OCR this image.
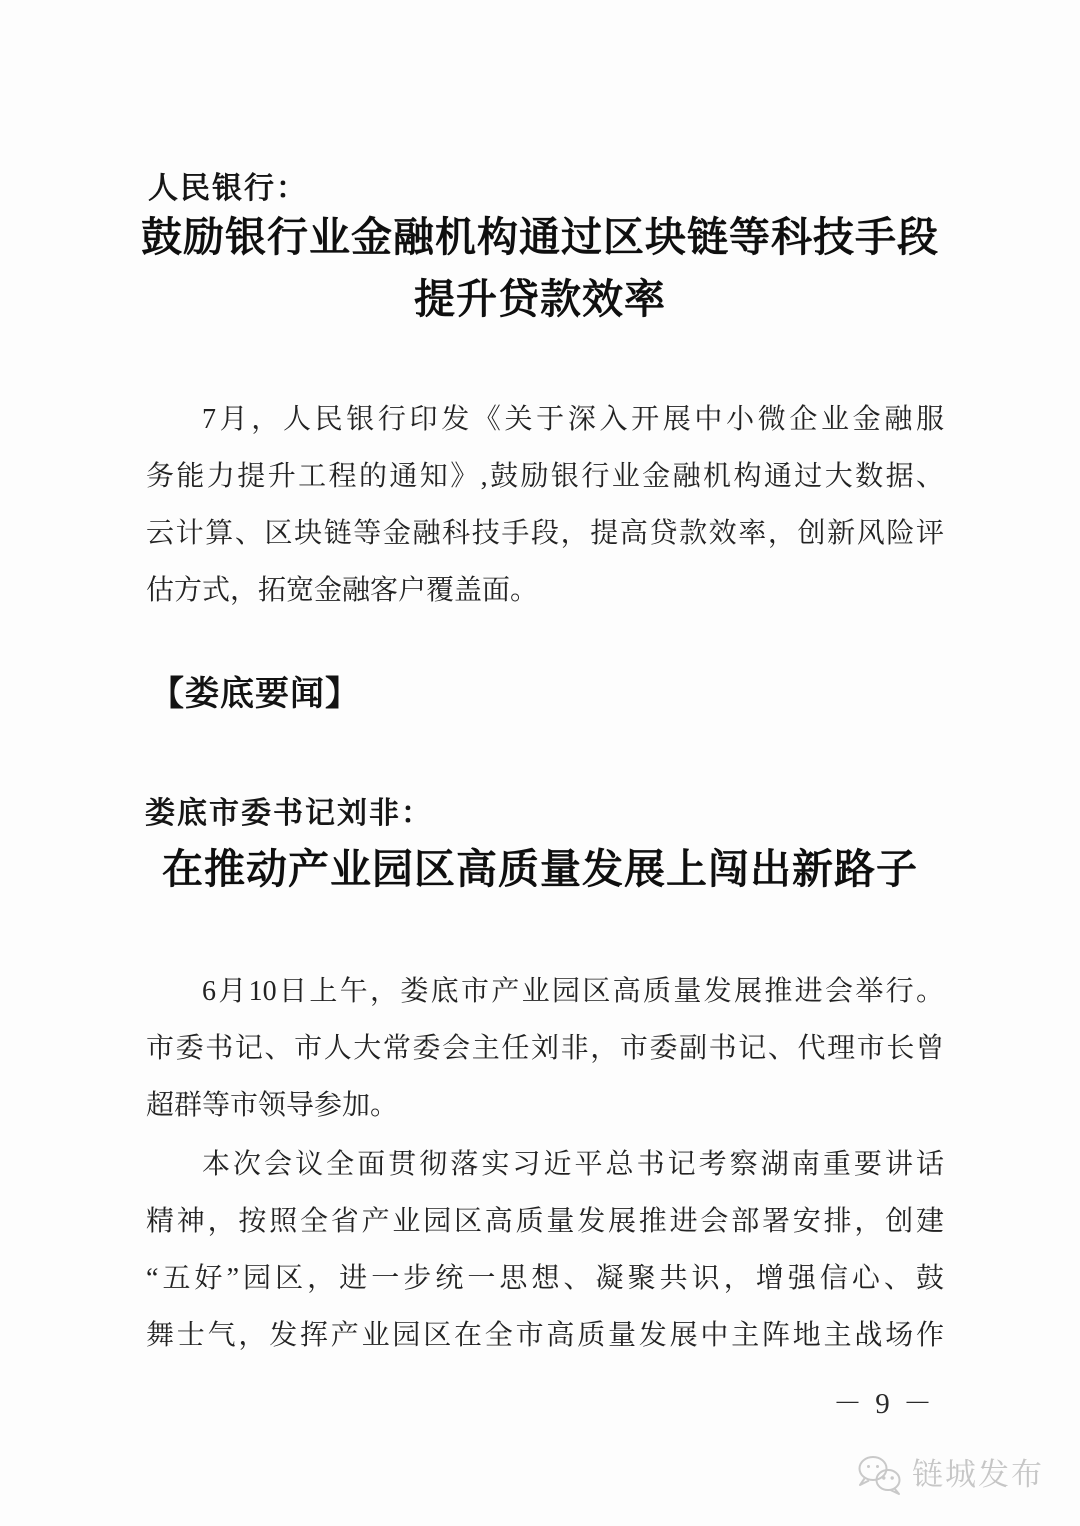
人民银行：
鼓励银行业金融机构通过区块链等科技手段
提升贷款效率
7月，人民银行印发《关于深入开展中小微企业金融服
务能力提升工程的通知》,鼓励银行业金融机构通过大数据、
云计算、区块链等金融科技手段，提高贷款效率，创新风险评
估方式，拓宽金融客户覆盖面。
【娄底要闻】
娄底市委书记刘非：
在推动产业园区高质量发展上闯出新路子
6月10日上午，娄底市产业园区高质量发展推进会举行。
市委书记、市人大常委会主任刘非，市委副书记、代理市长曾
超群等市领导参加。
本次会议全面贯彻落实习近平总书记考察湖南重要讲话
精神，按照全省产业园区高质量发展推进会部署安排，创建
“五好”园区，进一步统一思想、凝聚共识，增强信心、鼓
舞士气，发挥产业园区在全市高质量发展中主阵地主战场作
－ 9 －
链城发布
